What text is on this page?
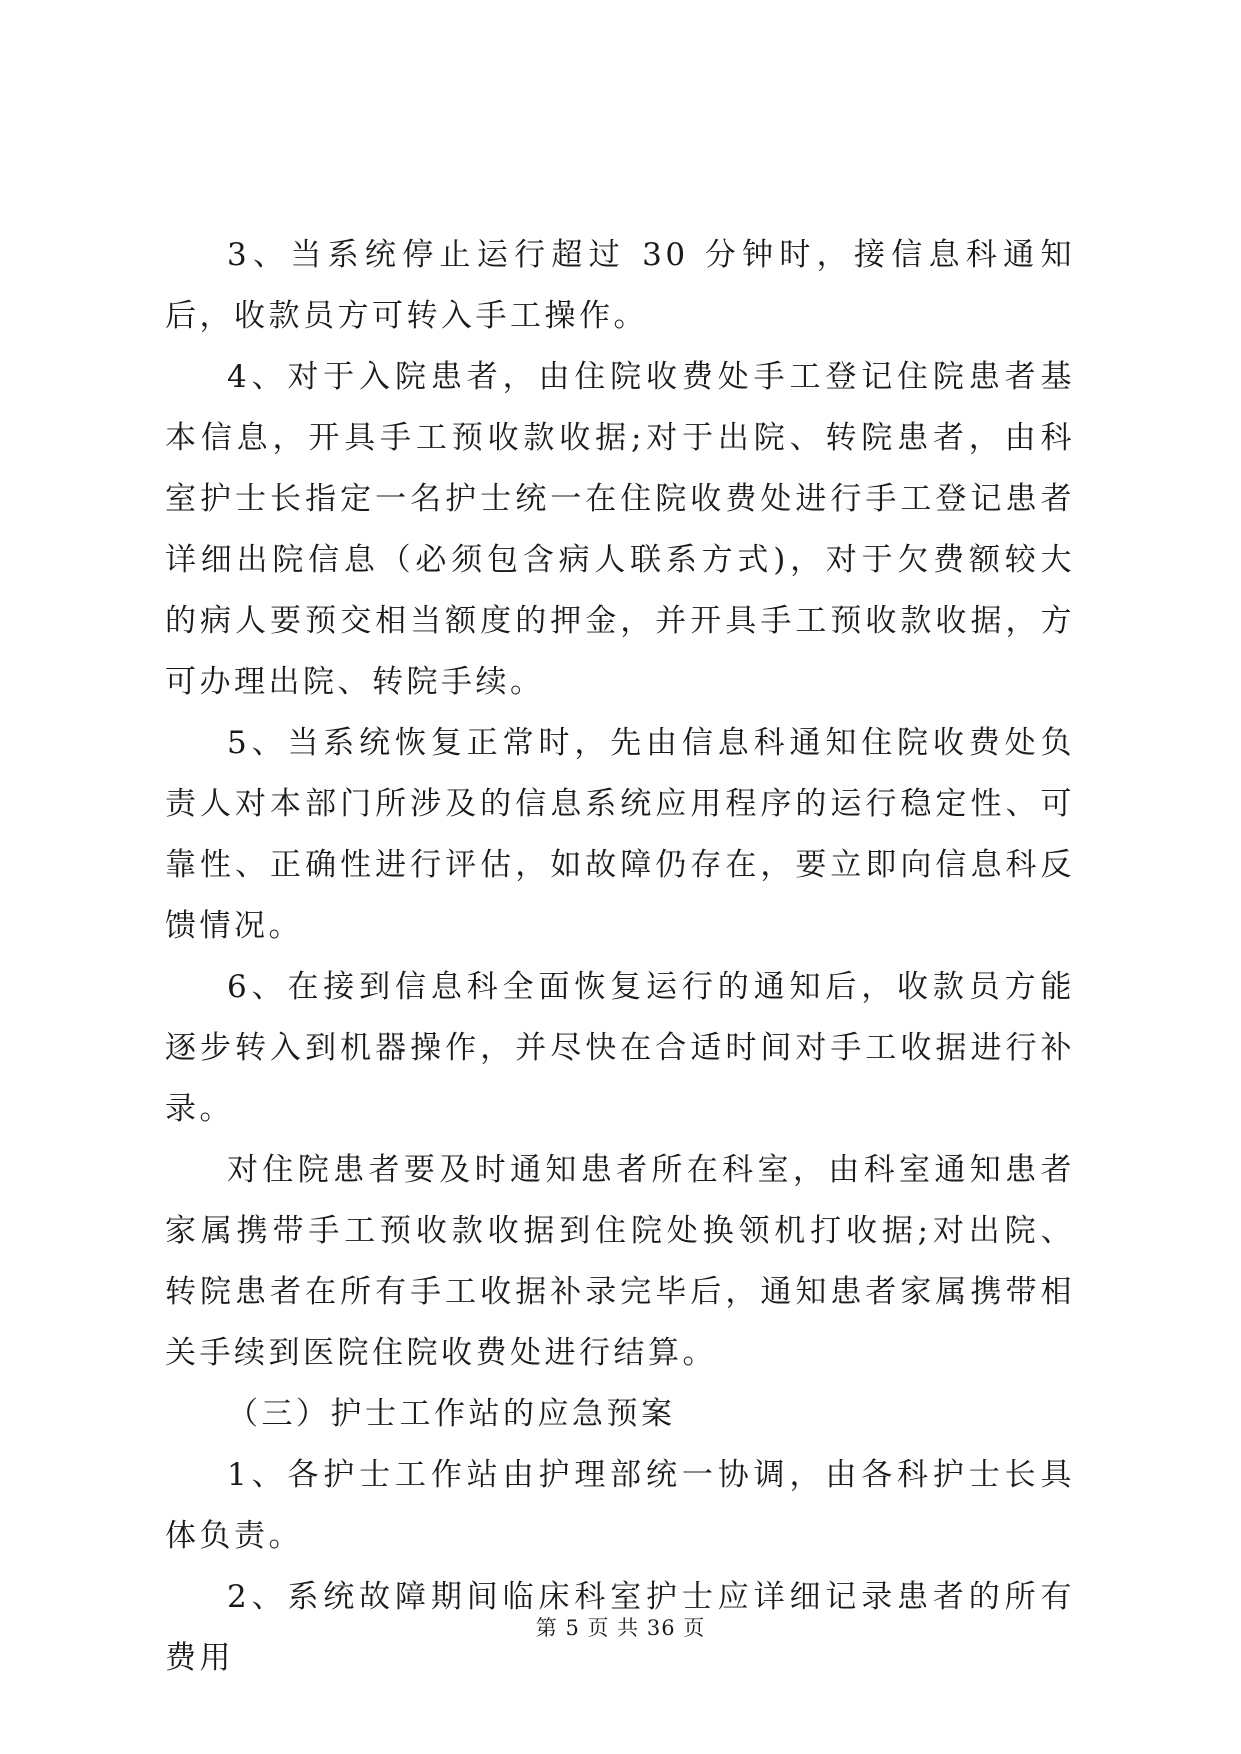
3、当系统停止运行超过 30 分钟时，接信息科通知后，收款员方可转入手工操作。

4、对于入院患者，由住院收费处手工登记住院患者基本信息，开具手工预收款收据;对于出院、转院患者，由科室护士长指定一名护士统一在住院收费处进行手工登记患者详细出院信息（必须包含病人联系方式)，对于欠费额较大的病人要预交相当额度的押金，并开具手工预收款收据，方可办理出院、转院手续。

5、当系统恢复正常时，先由信息科通知住院收费处负责人对本部门所涉及的信息系统应用程序的运行稳定性、可靠性、正确性进行评估，如故障仍存在，要立即向信息科反馈情况。

6、在接到信息科全面恢复运行的通知后，收款员方能逐步转入到机器操作，并尽快在合适时间对手工收据进行补录。

对住院患者要及时通知患者所在科室，由科室通知患者家属携带手工预收款收据到住院处换领机打收据;对出院、转院患者在所有手工收据补录完毕后，通知患者家属携带相关手续到医院住院收费处进行结算。

（三）护士工作站的应急预案

1、各护士工作站由护理部统一协调，由各科护士长具体负责。

2、系统故障期间临床科室护士应详细记录患者的所有费用

第 5 页 共 36 页
